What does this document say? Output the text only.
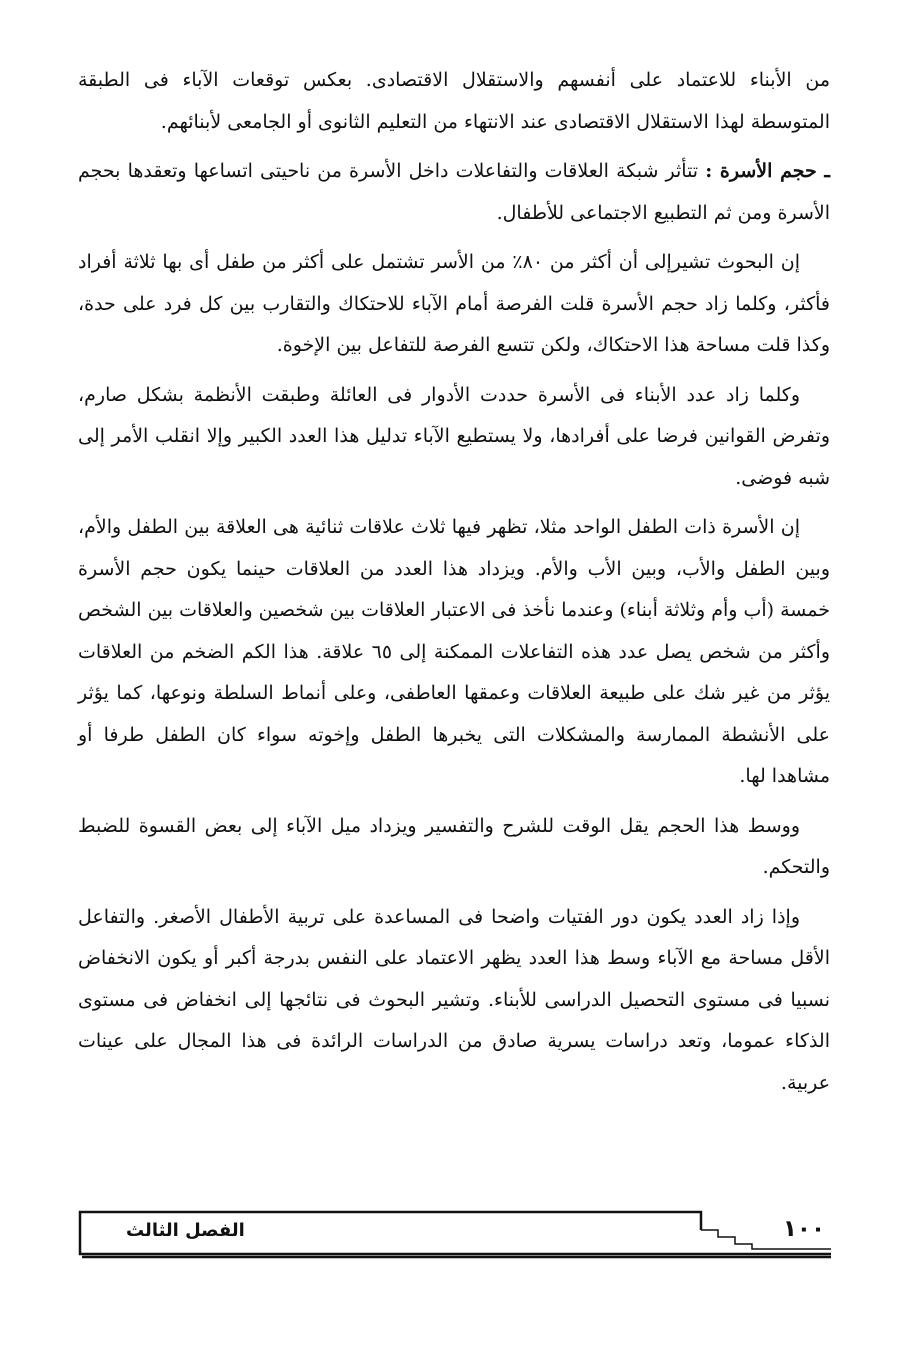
من الأبناء للاعتماد على أنفسهم والاستقلال الاقتصادى. بعكس توقعات الآباء فى الطبقة المتوسطة لهذا الاستقلال الاقتصادى عند الانتهاء من التعليم الثانوى أو الجامعى لأبنائهم.

ـ حجم الأسرة : تتأثر شبكة العلاقات والتفاعلات داخل الأسرة من ناحيتى اتساعها وتعقدها بحجم الأسرة ومن ثم التطبيع الاجتماعى للأطفال.

إن البحوث تشيرإلى أن أكثر من ٨٠٪ من الأسر تشتمل على أكثر من طفل أى بها ثلاثة أفراد فأكثر، وكلما زاد حجم الأسرة قلت الفرصة أمام الآباء للاحتكاك والتقارب بين كل فرد على حدة، وكذا قلت مساحة هذا الاحتكاك، ولكن تتسع الفرصة للتفاعل بين الإخوة.

وكلما زاد عدد الأبناء فى الأسرة حددت الأدوار فى العائلة وطبقت الأنظمة بشكل صارم، وتفرض القوانين فرضا على أفرادها، ولا يستطيع الآباء تدليل هذا العدد الكبير وإلا انقلب الأمر إلى شبه فوضى.

إن الأسرة ذات الطفل الواحد مثلا، تظهر فيها ثلاث علاقات ثنائية هى العلاقة بين الطفل والأم، وبين الطفل والأب، وبين الأب والأم. ويزداد هذا العدد من العلاقات حينما يكون حجم الأسرة خمسة (أب وأم وثلاثة أبناء) وعندما نأخذ فى الاعتبار العلاقات بين شخصين والعلاقات بين الشخص وأكثر من شخص يصل عدد هذه التفاعلات الممكنة إلى ٦٥ علاقة. هذا الكم الضخم من العلاقات يؤثر من غير شك على طبيعة العلاقات وعمقها العاطفى، وعلى أنماط السلطة ونوعها، كما يؤثر على الأنشطة الممارسة والمشكلات التى يخبرها الطفل وإخوته سواء كان الطفل طرفا أو مشاهدا لها.

ووسط هذا الحجم يقل الوقت للشرح والتفسير ويزداد ميل الآباء إلى بعض القسوة للضبط والتحكم.

وإذا زاد العدد يكون دور الفتيات واضحا فى المساعدة على تربية الأطفال الأصغر. والتفاعل الأقل مساحة مع الآباء وسط هذا العدد يظهر الاعتماد على النفس بدرجة أكبر أو يكون الانخفاض نسبيا فى مستوى التحصيل الدراسى للأبناء. وتشير البحوث فى نتائجها إلى انخفاض فى مستوى الذكاء عموما، وتعد دراسات يسرية صادق من الدراسات الرائدة فى هذا المجال على عينات عربية.

١٠٠
الفصل الثالث
